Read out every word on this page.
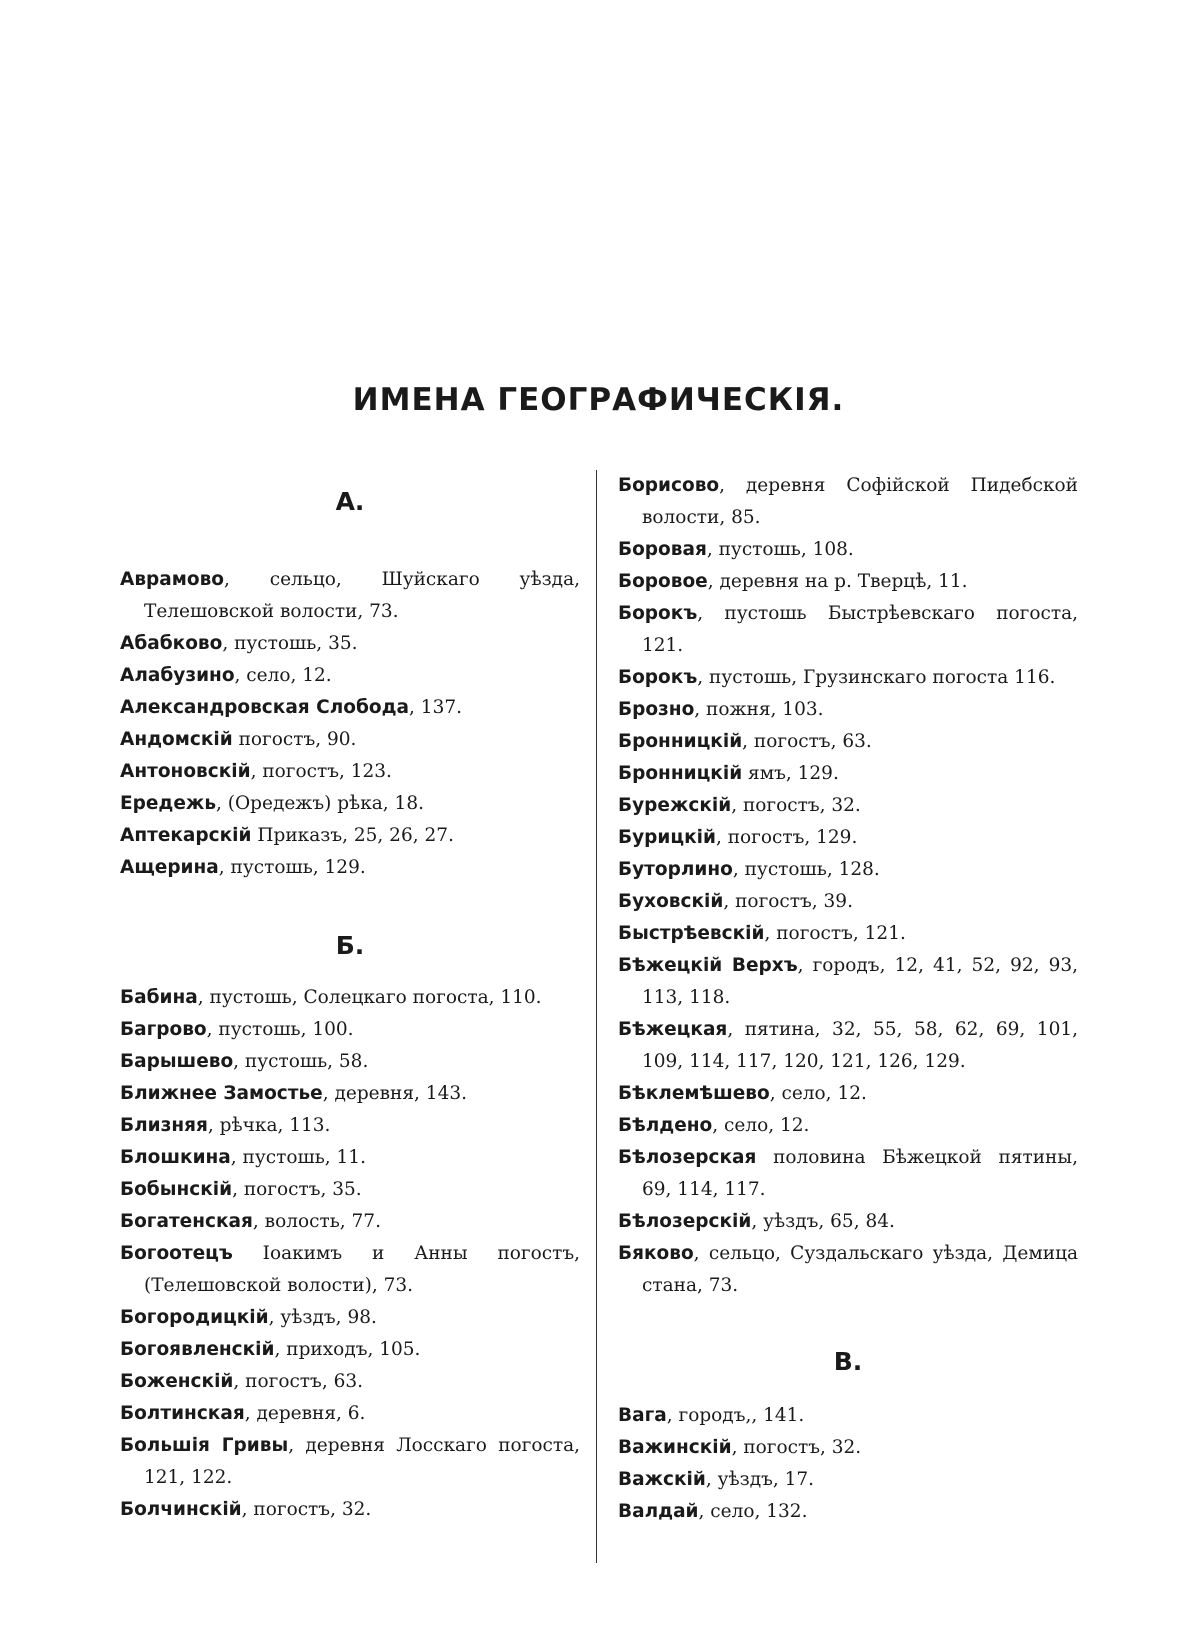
ИМЕНА ГЕОГРАФИЧЕСКІЯ.
А.

Аврамово, сельцо, Шуйскаго уѣзда, Телешовской волости, 73.

Абабково, пустошь, 35.

Алабузино, село, 12.

Александровская Слобода, 137.

Андомскій погостъ, 90.

Антоновскій, погостъ, 123.

Ередежь, (Оредежъ) рѣка, 18.

Аптекарскій Приказъ, 25, 26, 27.

Ащерина, пустошь, 129.

Б.

Бабина, пустошь, Солецкаго погоста, 110.

Багрово, пустошь, 100.

Барышево, пустошь, 58.

Ближнее Замостье, деревня, 143.

Близняя, рѣчка, 113.

Блошкина, пустошь, 11.

Бобынскій, погостъ, 35.

Богатенская, волость, 77.

Богоотецъ Іоакимъ и Анны погостъ, (Телешовской волости), 73.

Богородицкій, уѣздъ, 98.

Богоявленскій, приходъ, 105.

Боженскій, погостъ, 63.

Болтинская, деревня, 6.

Большія Гривы, деревня Лосскаго погоста, 121, 122.

Болчинскій, погостъ, 32.

Борисово, деревня Софійской Пидебской волости, 85.

Боровая, пустошь, 108.

Боровое, деревня на р. Тверцѣ, 11.

Борокъ, пустошь Быстрѣевскаго погоста, 121.

Борокъ, пустошь, Грузинскаго погоста 116.

Брозно, пожня, 103.

Бронницкій, погостъ, 63.

Бронницкій ямъ, 129.

Бурежскій, погостъ, 32.

Бурицкій, погостъ, 129.

Буторлино, пустошь, 128.

Буховскій, погостъ, 39.

Быстрѣевскій, погостъ, 121.

Бѣжецкій Верхъ, городъ, 12, 41, 52, 92, 93, 113, 118.

Бѣжецкая, пятина, 32, 55, 58, 62, 69, 101, 109, 114, 117, 120, 121, 126, 129.

Бѣклемѣшево, село, 12.

Бѣлдено, село, 12.

Бѣлозерская половина Бѣжецкой пятины, 69, 114, 117.

Бѣлозерскій, уѣздъ, 65, 84.

Бяково, сельцо, Суздальскаго уѣзда, Демица стана, 73.

В.

Вага, городъ,, 141.

Важинскій, погостъ, 32.

Важскій, уѣздъ, 17.

Валдай, село, 132.
